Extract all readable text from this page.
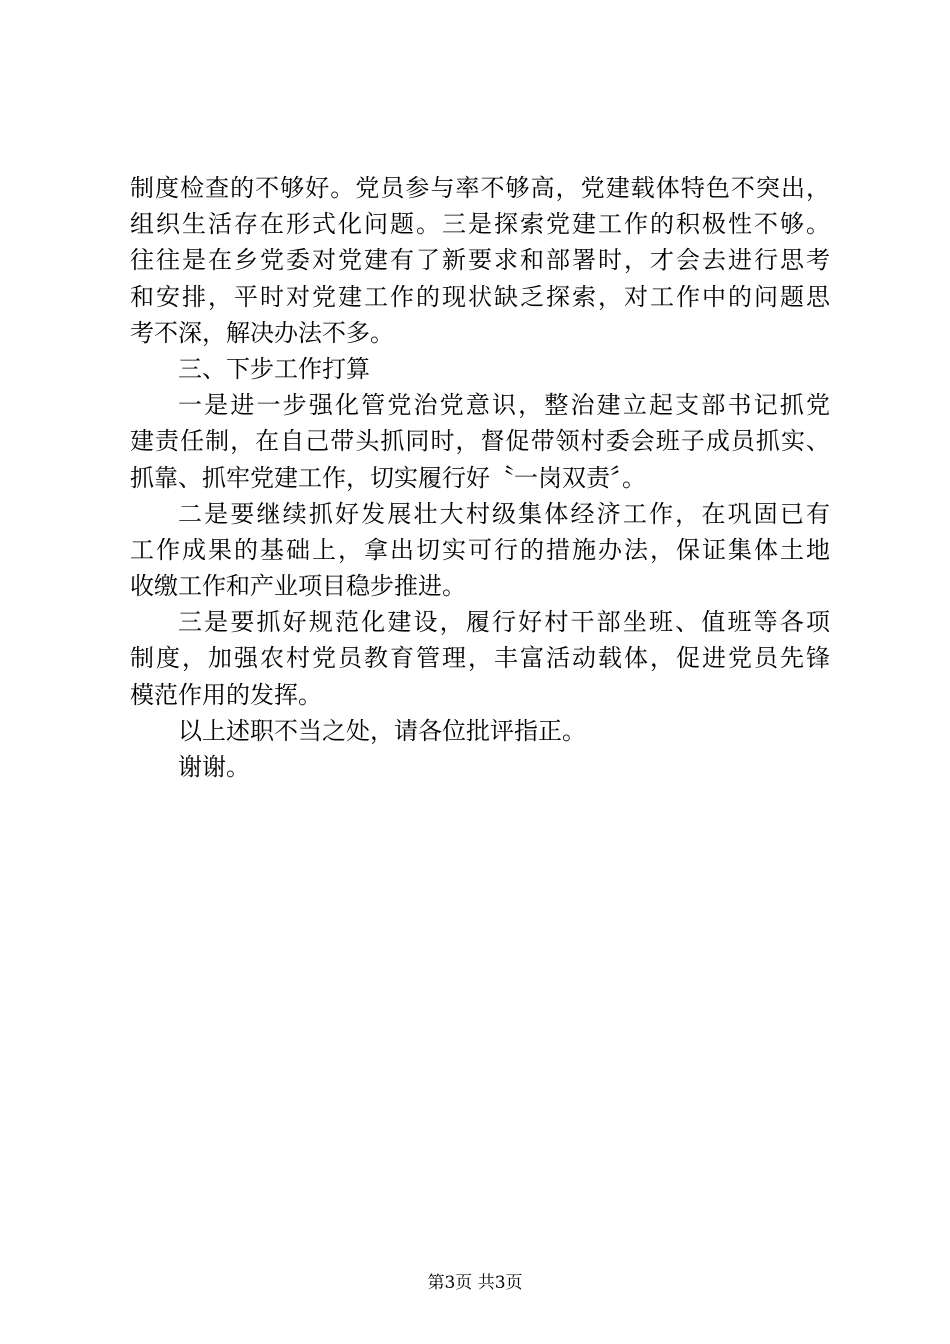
制度检查的不够好。党员参与率不够高，党建载体特色不突出，
组织生活存在形式化问题。三是探索党建工作的积极性不够。
往往是在乡党委对党建有了新要求和部署时，才会去进行思考
和安排，平时对党建工作的现状缺乏探索，对工作中的问题思
考不深，解决办法不多。
三、下步工作打算
一是进一步强化管党治党意识，整治建立起支部书记抓党
建责任制，在自己带头抓同时，督促带领村委会班子成员抓实、
抓靠、抓牢党建工作，切实履行好〝一岗双责〞。
二是要继续抓好发展壮大村级集体经济工作，在巩固已有
工作成果的基础上，拿出切实可行的措施办法，保证集体土地
收缴工作和产业项目稳步推进。
三是要抓好规范化建设，履行好村干部坐班、值班等各项
制度，加强农村党员教育管理，丰富活动载体，促进党员先锋
模范作用的发挥。
以上述职不当之处，请各位批评指正。
谢谢。
第3页 共3页
